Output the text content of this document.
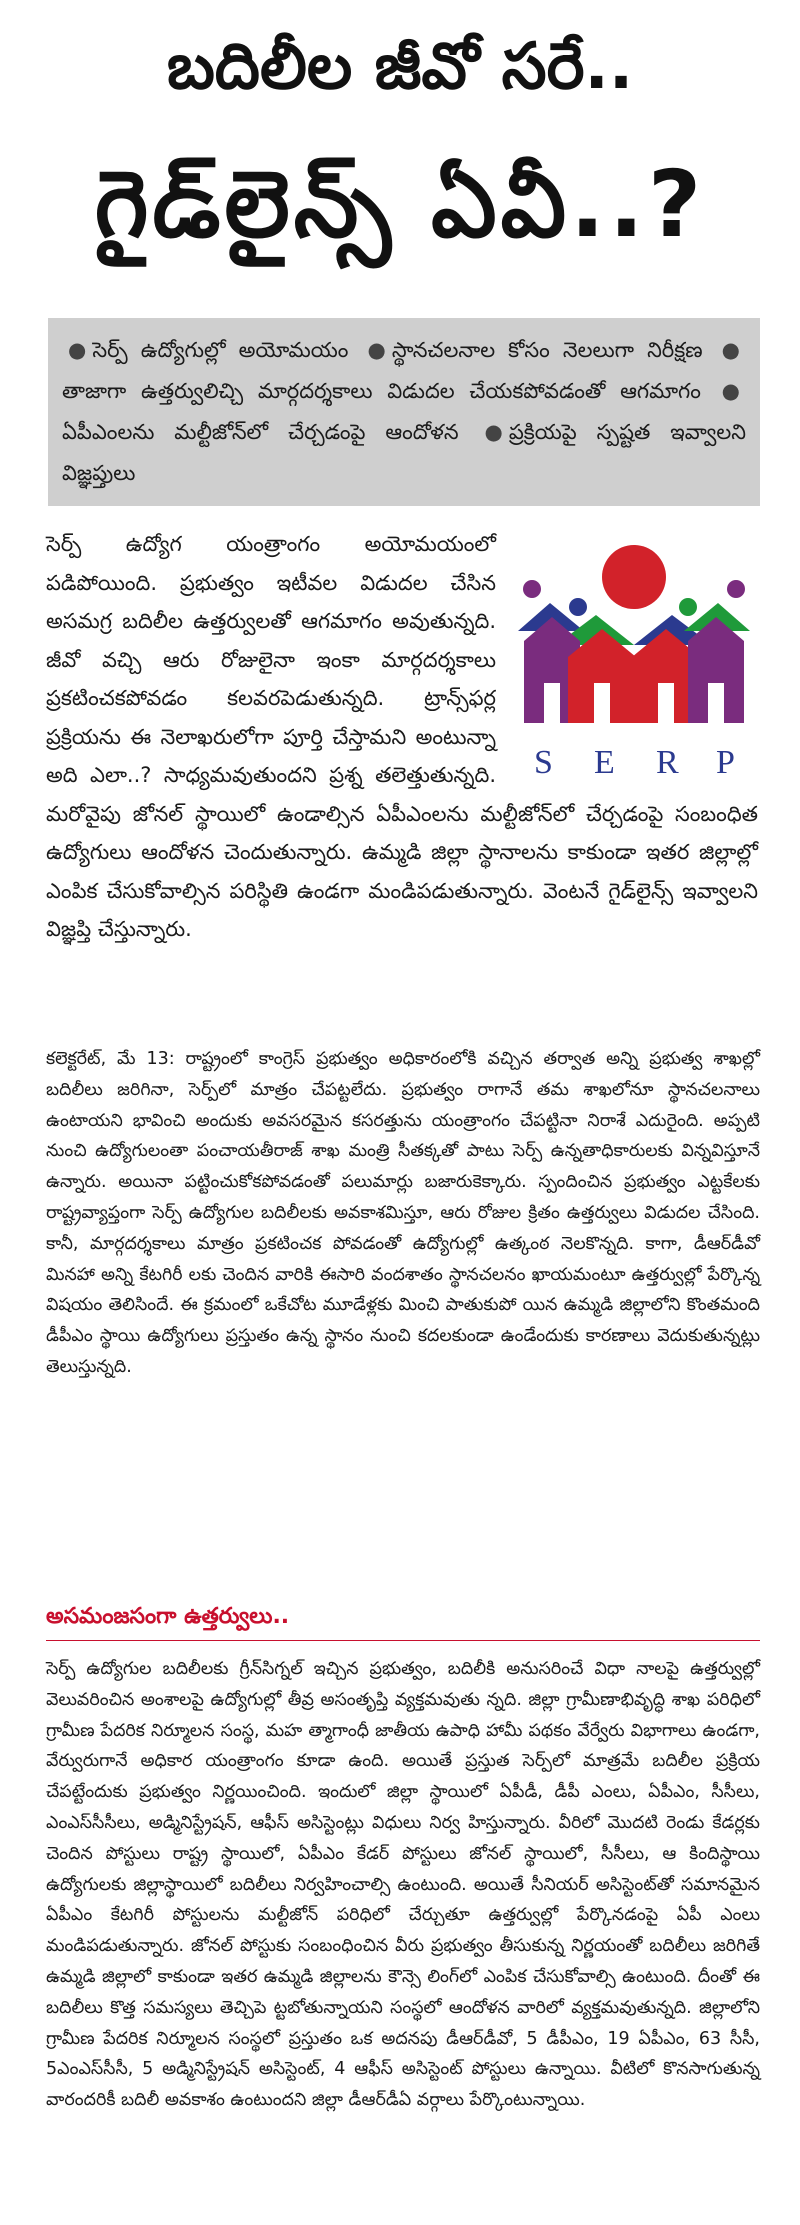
బదిలీల జీవో సరే..
గైడ్‌లైన్స్ ఏవీ..?
● సెర్ప్ ఉద్యోగుల్లో అయోమయం ● స్థానచలనాల కోసం నెలలుగా నిరీక్షణ ●తాజాగా ఉత్తర్వులిచ్చి మార్గదర్శకాలు విడుదల చేయకపోవడంతో ఆగమాగం ●ఏపీఎంలను మల్టీజోన్‌లో చేర్చడంపై ఆందోళన ● ప్రక్రియపై స్పష్టత ఇవ్వాలని విజ్ఞప్తులు
S E R P

సెర్ప్ ఉద్యోగ యంత్రాంగం అయోమయంలో పడిపోయింది. ప్రభుత్వం ఇటీవల విడుదల చేసిన అసమగ్ర బదిలీల ఉత్తర్వులతో ఆగమాగం అవుతున్నది. జీవో వచ్చి ఆరు రోజులైనా ఇంకా మార్గదర్శకాలు ప్రకటించకపోవడం కలవరపెడుతున్నది. ట్రాన్స్‌ఫర్ల ప్రక్రియను ఈ నెలాఖరులోగా పూర్తి చేస్తామని అంటున్నా అది ఎలా..? సాధ్యమవుతుందని ప్రశ్న తలెత్తుతున్నది. మరోవైపు జోనల్ స్థాయిలో ఉండాల్సిన ఏపీఎంలను మల్టీజోన్‌లో చేర్చడంపై సంబంధిత ఉద్యోగులు ఆందోళన చెందుతున్నారు. ఉమ్మడి జిల్లా స్థానాలను కాకుండా ఇతర జిల్లాల్లో ఎంపిక చేసుకోవాల్సిన పరిస్థితి ఉండగా మండిపడుతున్నారు. వెంటనే గైడ్‌లైన్స్ ఇవ్వాలని విజ్ఞప్తి చేస్తున్నారు.

కలెక్టరేట్, మే 13: రాష్ట్రంలో కాంగ్రెస్ ప్రభుత్వం అధికారంలోకి వచ్చిన తర్వాత అన్ని ప్రభుత్వ శాఖల్లో బదిలీలు జరిగినా, సెర్ప్‌లో మాత్రం చేపట్టలేదు. ప్రభుత్వం రాగానే తమ శాఖలోనూ స్థానచలనాలు ఉంటాయని భావించి అందుకు అవసరమైన కసరత్తును యంత్రాంగం చేపట్టినా నిరాశే ఎదురైంది. అప్పటి నుంచి ఉద్యోగులంతా పంచాయతీరాజ్ శాఖ మంత్రి సీతక్కతో పాటు సెర్ప్ ఉన్నతాధికారులకు విన్నవిస్తూనే ఉన్నారు. అయినా పట్టించుకోకపోవడంతో పలుమార్లు బజారుకెక్కారు. స్పందించిన ప్రభుత్వం ఎట్టకేలకు రాష్ట్రవ్యాప్తంగా సెర్ప్ ఉద్యోగుల బదిలీలకు అవకాశమిస్తూ, ఆరు రోజుల క్రితం ఉత్తర్వులు విడుదల చేసింది. కానీ, మార్గదర్శకాలు మాత్రం ప్రకటించక పోవడంతో ఉద్యోగుల్లో ఉత్కంఠ నెలకొన్నది. కాగా, డీఆర్‌డీవో మినహా అన్ని కేటగిరీ లకు చెందిన వారికి ఈసారి వందశాతం స్థానచలనం ఖాయమంటూ ఉత్తర్వుల్లో పేర్కొన్న విషయం తెలిసిందే. ఈ క్రమంలో ఒకేచోట మూడేళ్లకు మించి పాతుకుపో యిన ఉమ్మడి జిల్లాలోని కొంతమంది డీపీఎం స్థాయి ఉద్యోగులు ప్రస్తుతం ఉన్న స్థానం నుంచి కదలకుండా ఉండేందుకు కారణాలు వెదుకుతున్నట్లు తెలుస్తున్నది.

అసమంజసంగా ఉత్తర్వులు..

సెర్ప్ ఉద్యోగుల బదిలీలకు గ్రీన్‌సిగ్నల్ ఇచ్చిన ప్రభుత్వం, బదిలీకి అనుసరించే విధా నాలపై ఉత్తర్వుల్లో వెలువరించిన అంశాలపై ఉద్యోగుల్లో తీవ్ర అసంతృప్తి వ్యక్తమవుతు న్నది. జిల్లా గ్రామీణాభివృద్ధి శాఖ పరిధిలో గ్రామీణ పేదరిక నిర్మూలన సంస్థ, మహ త్మాగాంధీ జాతీయ ఉపాధి హామీ పథకం వేర్వేరు విభాగాలు ఉండగా, వేర్వురుగానే అధికార యంత్రాంగం కూడా ఉంది. అయితే ప్రస్తుత సెర్ప్‌లో మాత్రమే బదిలీల ప్రక్రియ చేపట్టేందుకు ప్రభుత్వం నిర్ణయించింది. ఇందులో జిల్లా స్థాయిలో ఏపీడీ, డీపీ ఎంలు, ఏపీఎం, సీసీలు, ఎంఎస్‌సీసీలు, అడ్మినిస్ట్రేషన్, ఆఫీస్ అసిస్టెంట్లు విధులు నిర్వ హిస్తున్నారు. వీరిలో మొదటి రెండు కేడర్లకు చెందిన పోస్టులు రాష్ట్ర స్థాయిలో, ఏపీఎం కేడర్ పోస్టులు జోనల్ స్థాయిలో, సీసీలు, ఆ కిందిస్థాయి ఉద్యోగులకు జిల్లాస్థాయిలో బదిలీలు నిర్వహించాల్సి ఉంటుంది. అయితే సీనియర్ అసిస్టెంట్‌తో సమానమైన ఏపీఎం కేటగిరీ పోస్టులను మల్టీజోన్ పరిధిలో చేర్చుతూ ఉత్తర్వుల్లో పేర్కొనడంపై ఏపీ ఎంలు మండిపడుతున్నారు. జోనల్ పోస్టుకు సంబంధించిన వీరు ప్రభుత్వం తీసుకున్న నిర్ణయంతో బదిలీలు జరిగితే ఉమ్మడి జిల్లాలో కాకుండా ఇతర ఉమ్మడి జిల్లాలను కౌన్సె లింగ్‌లో ఎంపిక చేసుకోవాల్సి ఉంటుంది. దీంతో ఈ బదిలీలు కొత్త సమస్యలు తెచ్చిపె ట్టబోతున్నాయని సంస్థలో ఆందోళన వారిలో వ్యక్తమవుతున్నది. జిల్లాలోని గ్రామీణ పేదరిక నిర్మూలన సంస్థలో ప్రస్తుతం ఒక అదనపు డీఆర్‌డీవో, 5 డీపీఎం, 19 ఏపీఎం, 63 సీసీ, 5ఎంఎస్‌సీసీ, 5 అడ్మినిస్ట్రేషన్ అసిస్టెంట్, 4 ఆఫీస్ అసిస్టెంట్ పోస్టులు ఉన్నాయి. వీటిలో కొనసాగుతున్న వారందరికీ బదిలీ అవకాశం ఉంటుందని జిల్లా డీఆర్‌డీఏ వర్గాలు పేర్కొంటున్నాయి.
